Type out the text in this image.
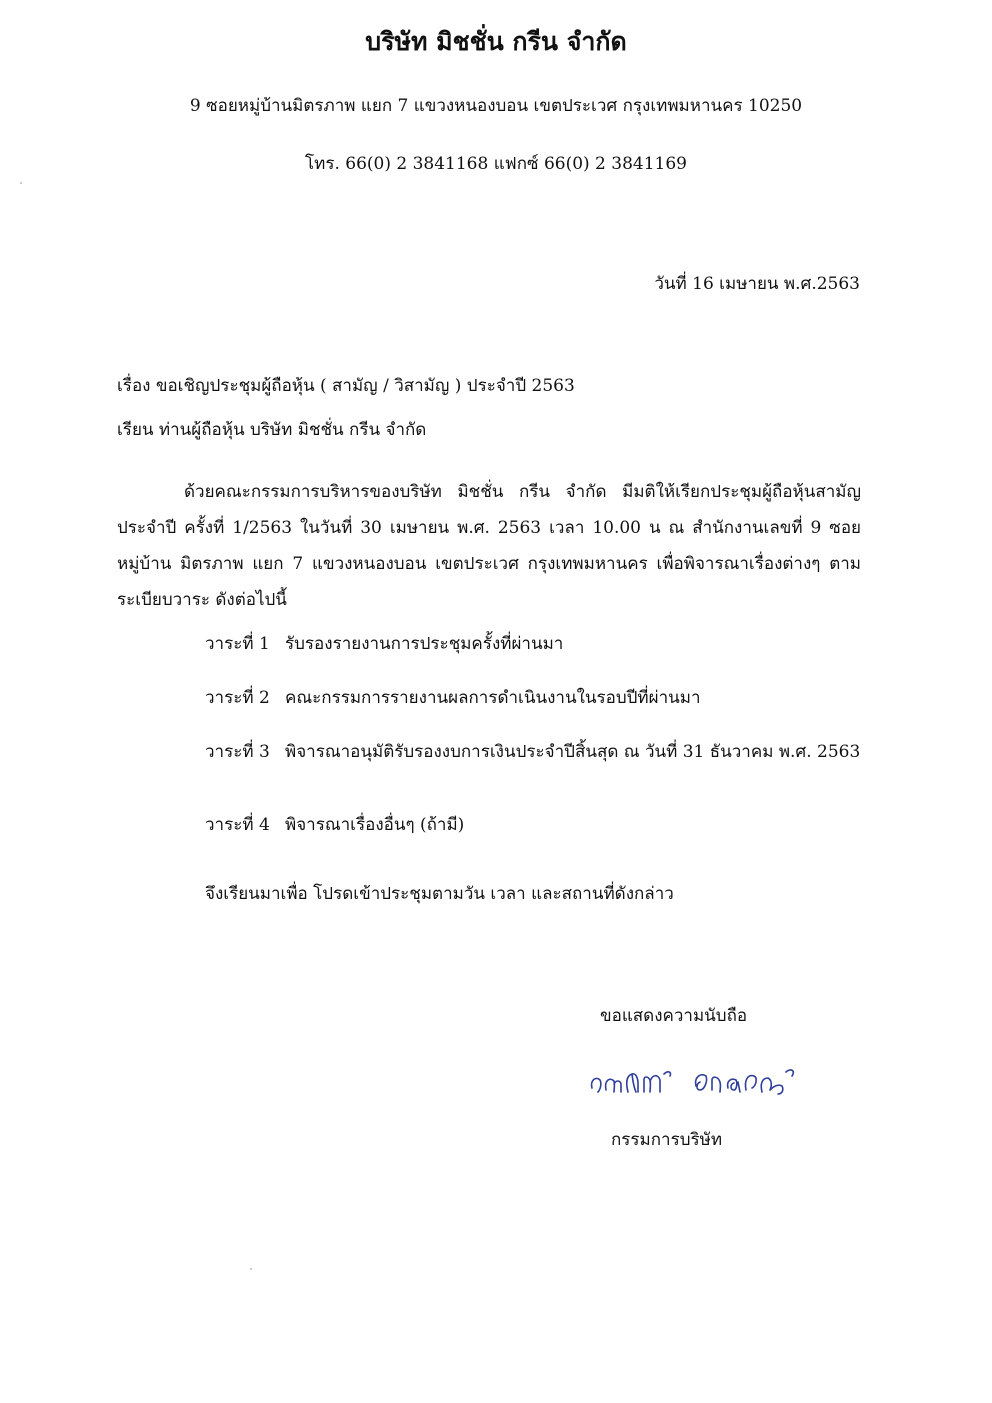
บริษัท มิชชั่น กรีน จำกัด
9 ซอยหมู่บ้านมิตรภาพ แยก 7 แขวงหนองบอน เขตประเวศ กรุงเทพมหานคร 10250
โทร. 66(0) 2 3841168 แฟกซ์ 66(0) 2 3841169
วันที่ 16 เมษายน พ.ศ.2563
เรื่อง ขอเชิญประชุมผู้ถือหุ้น ( สามัญ / วิสามัญ ) ประจำปี 2563
เรียน ท่านผู้ถือหุ้น บริษัท มิชชั่น กรีน จำกัด

ด้วยคณะกรรมการบริหารของบริษัท มิชชั่น กรีน จำกัด มีมติให้เรียกประชุมผู้ถือหุ้นสามัญ ประจำปี ครั้งที่ 1/2563 ในวันที่ 30 เมษายน พ.ศ. 2563 เวลา 10.00 น ณ สำนักงานเลขที่ 9 ซอยหมู่บ้าน มิตรภาพ แยก 7 แขวงหนองบอน เขตประเวศ กรุงเทพมหานคร เพื่อพิจารณาเรื่องต่างๆ ตามระเบียบวาระ ดังต่อไปนี้

วาระที่ 1 รับรองรายงานการประชุมครั้งที่ผ่านมา
วาระที่ 2 คณะกรรมการรายงานผลการดำเนินงานในรอบปีที่ผ่านมา
วาระที่ 3 พิจารณาอนุมัติรับรองงบการเงินประจำปีสิ้นสุด ณ วันที่ 31 ธันวาคม พ.ศ. 2563
วาระที่ 4 พิจารณาเรื่องอื่นๆ (ถ้ามี)
จึงเรียนมาเพื่อ โปรดเข้าประชุมตามวัน เวลา และสถานที่ดังกล่าว
ขอแสดงความนับถือ
กรรมการบริษัท
